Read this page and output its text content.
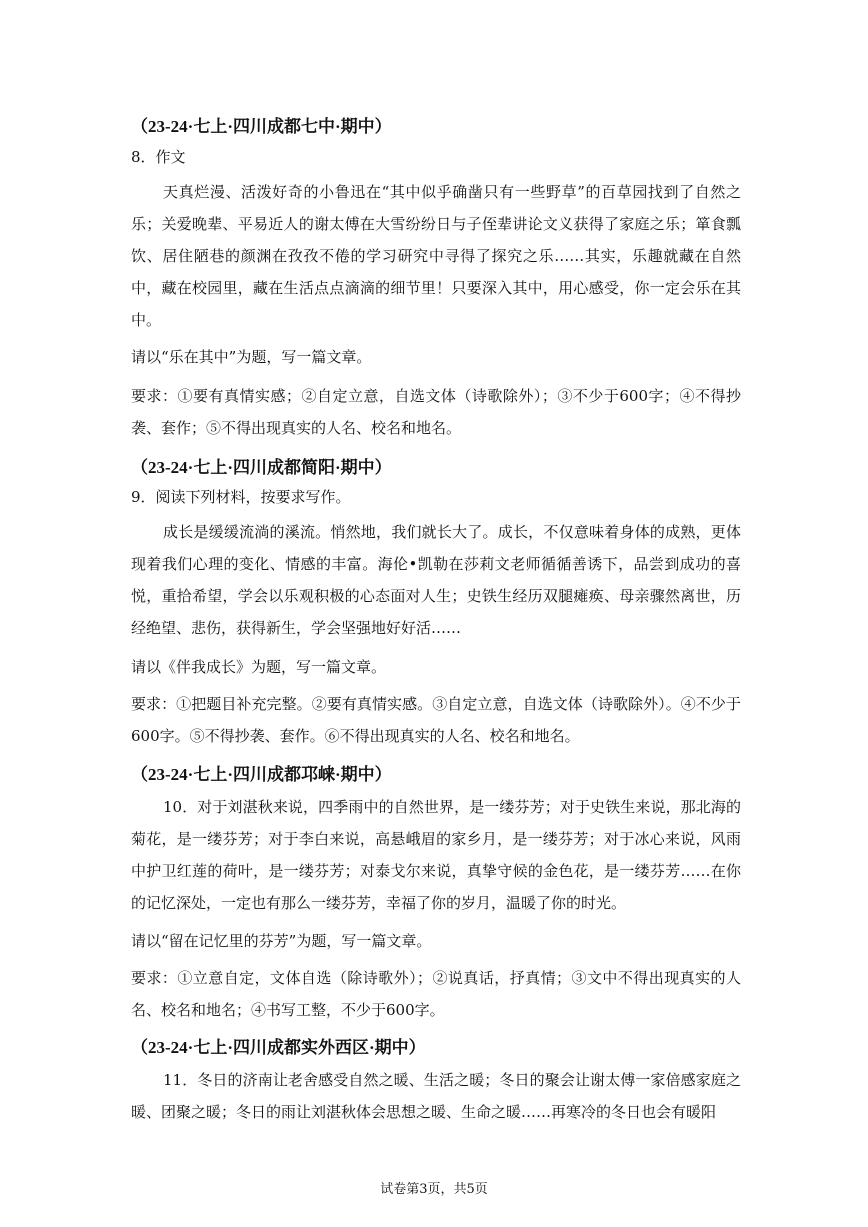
（23-24·七上·四川成都七中·期中）
8．作文
天真烂漫、活泼好奇的小鲁迅在“其中似乎确凿只有一些野草”的百草园找到了自然之乐；关爱晚辈、平易近人的谢太傅在大雪纷纷日与子侄辈讲论文义获得了家庭之乐；箪食瓢饮、居住陋巷的颜渊在孜孜不倦的学习研究中寻得了探究之乐……其实，乐趣就藏在自然中，藏在校园里，藏在生活点点滴滴的细节里！只要深入其中，用心感受，你一定会乐在其中。
请以“乐在其中”为题，写一篇文章。
要求：①要有真情实感；②自定立意，自选文体（诗歌除外）；③不少于600字；④不得抄袭、套作；⑤不得出现真实的人名、校名和地名。
（23-24·七上·四川成都简阳·期中）
9．阅读下列材料，按要求写作。
成长是缓缓流淌的溪流。悄然地，我们就长大了。成长，不仅意味着身体的成熟，更体现着我们心理的变化、情感的丰富。海伦•凯勒在莎莉文老师循循善诱下，品尝到成功的喜悦，重拾希望，学会以乐观积极的心态面对人生；史铁生经历双腿瘫痪、母亲骤然离世，历经绝望、悲伤，获得新生，学会坚强地好好活……
请以《伴我成长》为题，写一篇文章。
要求：①把题目补充完整。②要有真情实感。③自定立意，自选文体（诗歌除外）。④不少于600字。⑤不得抄袭、套作。⑥不得出现真实的人名、校名和地名。
（23-24·七上·四川成都邛崃·期中）
10．对于刘湛秋来说，四季雨中的自然世界，是一缕芬芳；对于史铁生来说，那北海的菊花，是一缕芬芳；对于李白来说，高悬峨眉的家乡月，是一缕芬芳；对于冰心来说，风雨中护卫红莲的荷叶，是一缕芬芳；对泰戈尔来说，真挚守候的金色花，是一缕芬芳……在你的记忆深处，一定也有那么一缕芬芳，幸福了你的岁月，温暖了你的时光。
请以“留在记忆里的芬芳”为题，写一篇文章。
要求：①立意自定，文体自选（除诗歌外）；②说真话，抒真情；③文中不得出现真实的人名、校名和地名；④书写工整，不少于600字。
（23-24·七上·四川成都实外西区·期中）
11．冬日的济南让老舍感受自然之暖、生活之暖；冬日的聚会让谢太傅一家倍感家庭之暖、团聚之暖；冬日的雨让刘湛秋体会思想之暖、生命之暖……再寒冷的冬日也会有暖阳
试卷第3页，共5页
